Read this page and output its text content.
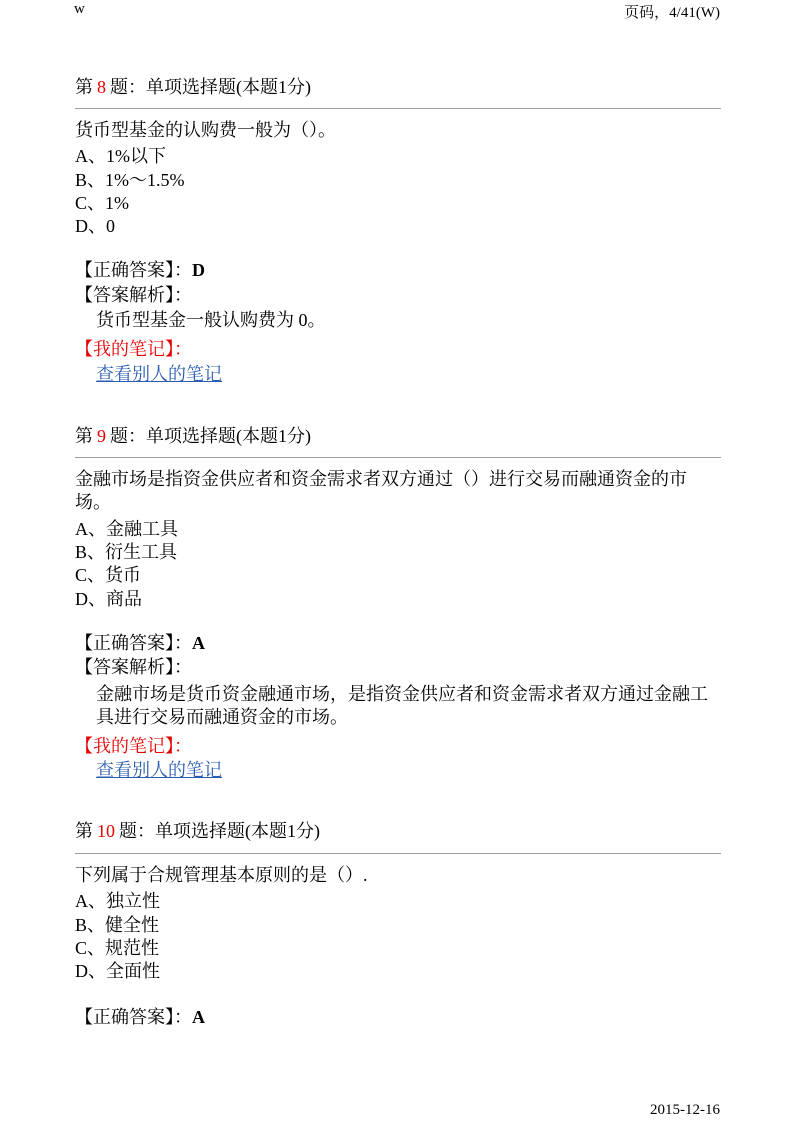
w	页码，4/41(W)
第 8 题：单项选择题(本题1分)
货币型基金的认购费一般为（）。
A、1%以下
B、1%～1.5%
C、1%
D、0
【正确答案】：D
【答案解析】：
货币型基金一般认购费为 0。
【我的笔记】：
查看别人的笔记
第 9 题：单项选择题(本题1分)
金融市场是指资金供应者和资金需求者双方通过（）进行交易而融通资金的市场。
A、金融工具
B、衍生工具
C、货币
D、商品
【正确答案】：A
【答案解析】：
金融市场是货币资金融通市场，是指资金供应者和资金需求者双方通过金融工具进行交易而融通资金的市场。
【我的笔记】：
查看别人的笔记
第 10 题：单项选择题(本题1分)
下列属于合规管理基本原则的是（）.
A、独立性
B、健全性
C、规范性
D、全面性
【正确答案】：A
2015-12-16
